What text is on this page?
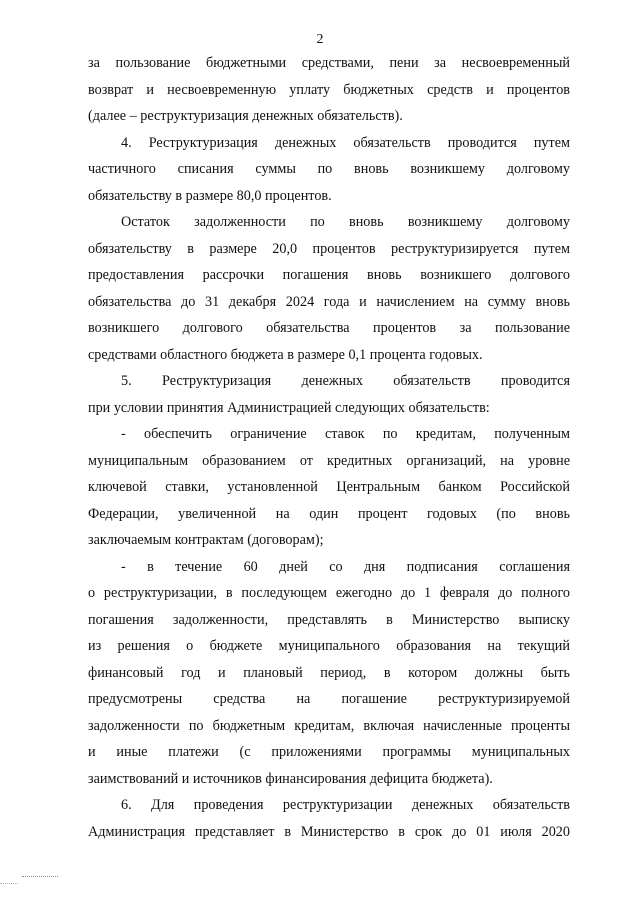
2
за пользование бюджетными средствами, пени за несвоевременный
возврат и несвоевременную уплату бюджетных средств и процентов
(далее – реструктуризация денежных обязательств).
4. Реструктуризация денежных обязательств проводится путем
частичного списания суммы по вновь возникшему долговому
обязательству в размере 80,0 процентов.
Остаток задолженности по вновь возникшему долговому
обязательству в размере 20,0 процентов реструктуризируется путем
предоставления рассрочки погашения вновь возникшего долгового
обязательства до 31 декабря 2024 года и начислением на сумму вновь
возникшего долгового обязательства процентов за пользование
средствами областного бюджета в размере 0,1 процента годовых.
5. Реструктуризация денежных обязательств проводится
при условии принятия Администрацией следующих обязательств:
- обеспечить ограничение ставок по кредитам, полученным
муниципальным образованием от кредитных организаций, на уровне
ключевой ставки, установленной Центральным банком Российской
Федерации, увеличенной на один процент годовых (по вновь
заключаемым контрактам (договорам);
- в течение 60 дней со дня подписания соглашения
о реструктуризации, в последующем ежегодно до 1 февраля до полного
погашения задолженности, представлять в Министерство выписку
из решения о бюджете муниципального образования на текущий
финансовый год и плановый период, в котором должны быть
предусмотрены средства на погашение реструктуризируемой
задолженности по бюджетным кредитам, включая начисленные проценты
и иные платежи (с приложениями программы муниципальных
заимствований и источников финансирования дефицита бюджета).
6. Для проведения реструктуризации денежных обязательств
Администрация представляет в Министерство в срок до 01 июля 2020
